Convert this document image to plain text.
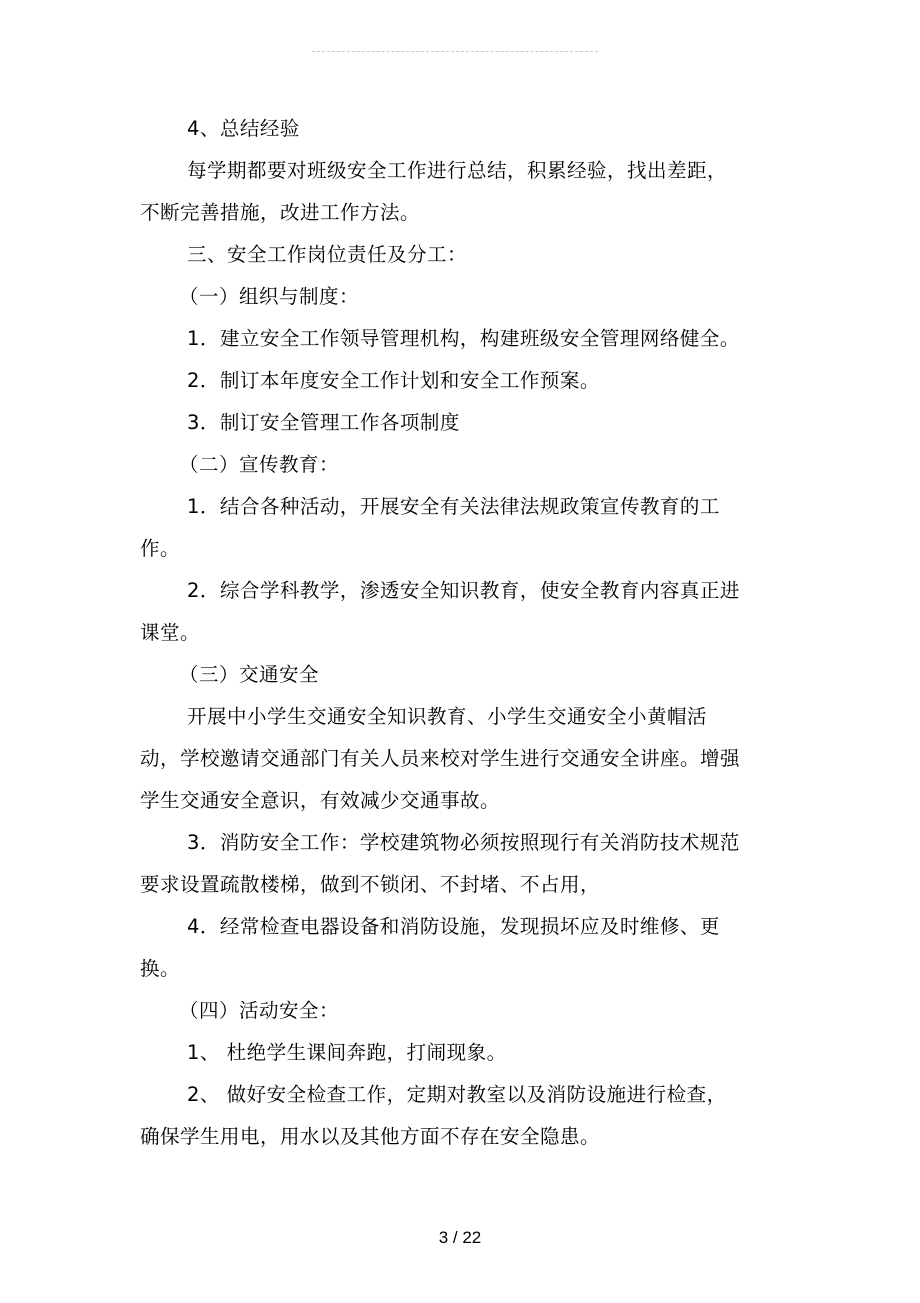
4、总结经验

每学期都要对班级安全工作进行总结，积累经验，找出差距，不断完善措施，改进工作方法。

三、安全工作岗位责任及分工：

（一）组织与制度：

1．建立安全工作领导管理机构，构建班级安全管理网络健全。

2．制订本年度安全工作计划和安全工作预案。

3．制订安全管理工作各项制度

（二）宣传教育：

1．结合各种活动，开展安全有关法律法规政策宣传教育的工作。

2．综合学科教学，渗透安全知识教育，使安全教育内容真正进课堂。

（三）交通安全

开展中小学生交通安全知识教育、小学生交通安全小黄帽活动，学校邀请交通部门有关人员来校对学生进行交通安全讲座。增强学生交通安全意识，有效减少交通事故。

3．消防安全工作：学校建筑物必须按照现行有关消防技术规范要求设置疏散楼梯，做到不锁闭、不封堵、不占用，

4．经常检查电器设备和消防设施，发现损坏应及时维修、更换。

（四）活动安全：

1、 杜绝学生课间奔跑，打闹现象。

2、 做好安全检查工作，定期对教室以及消防设施进行检查，确保学生用电，用水以及其他方面不存在安全隐患。

3 / 22
